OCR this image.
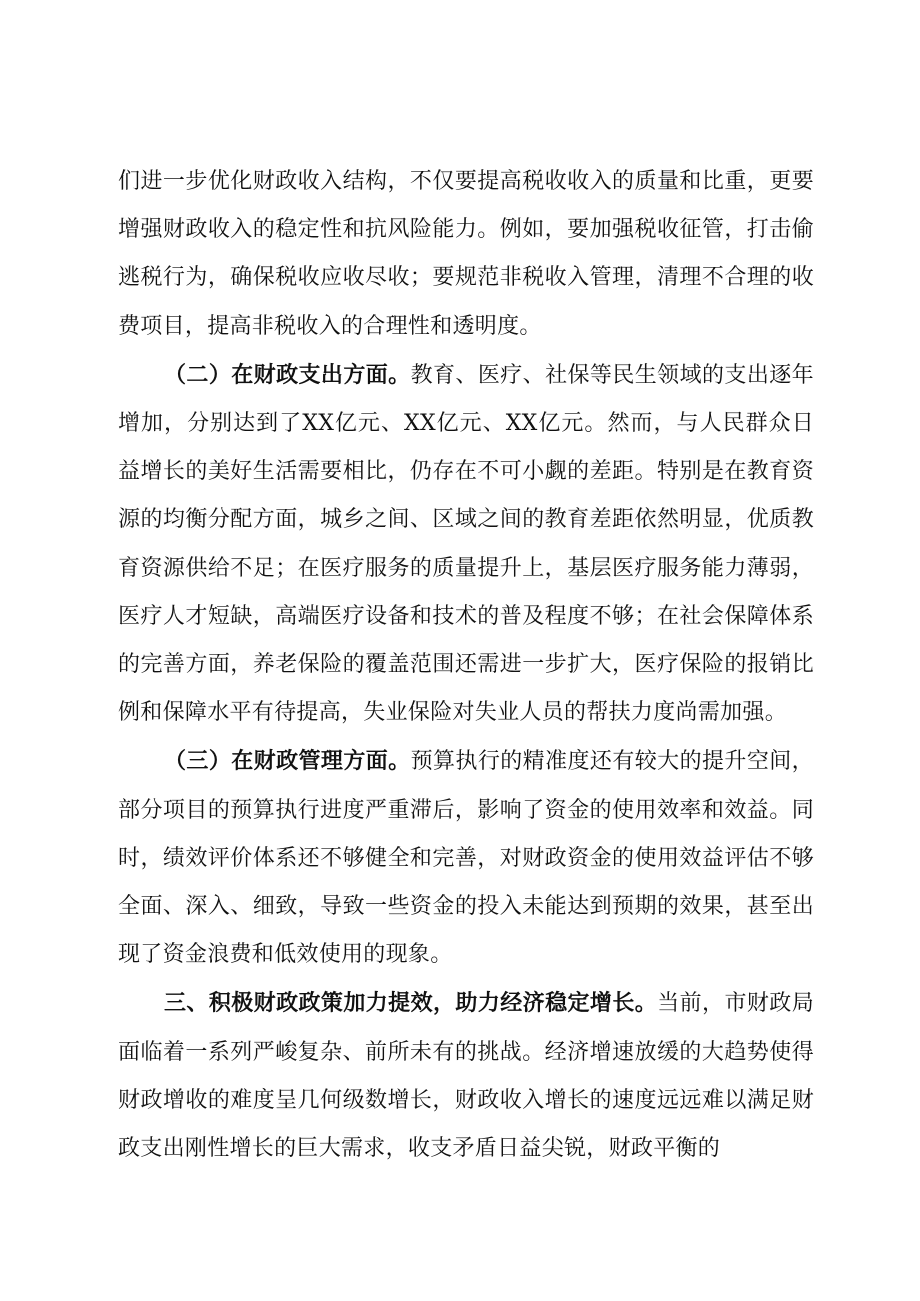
们进一步优化财政收入结构，不仅要提高税收收入的质量和比重，更要增强财政收入的稳定性和抗风险能力。例如，要加强税收征管，打击偷逃税行为，确保税收应收尽收；要规范非税收入管理，清理不合理的收费项目，提高非税收入的合理性和透明度。

（二）在财政支出方面。教育、医疗、社保等民生领域的支出逐年增加，分别达到了XX亿元、XX亿元、XX亿元。然而，与人民群众日益增长的美好生活需要相比，仍存在不可小觑的差距。特别是在教育资源的均衡分配方面，城乡之间、区域之间的教育差距依然明显，优质教育资源供给不足；在医疗服务的质量提升上，基层医疗服务能力薄弱，医疗人才短缺，高端医疗设备和技术的普及程度不够；在社会保障体系的完善方面，养老保险的覆盖范围还需进一步扩大，医疗保险的报销比例和保障水平有待提高，失业保险对失业人员的帮扶力度尚需加强。

（三）在财政管理方面。预算执行的精准度还有较大的提升空间，部分项目的预算执行进度严重滞后，影响了资金的使用效率和效益。同时，绩效评价体系还不够健全和完善，对财政资金的使用效益评估不够全面、深入、细致，导致一些资金的投入未能达到预期的效果，甚至出现了资金浪费和低效使用的现象。

三、积极财政政策加力提效，助力经济稳定增长。当前，市财政局面临着一系列严峻复杂、前所未有的挑战。经济增速放缓的大趋势使得财政增收的难度呈几何级数增长，财政收入增长的速度远远难以满足财政支出刚性增长的巨大需求，收支矛盾日益尖锐，财政平衡的
